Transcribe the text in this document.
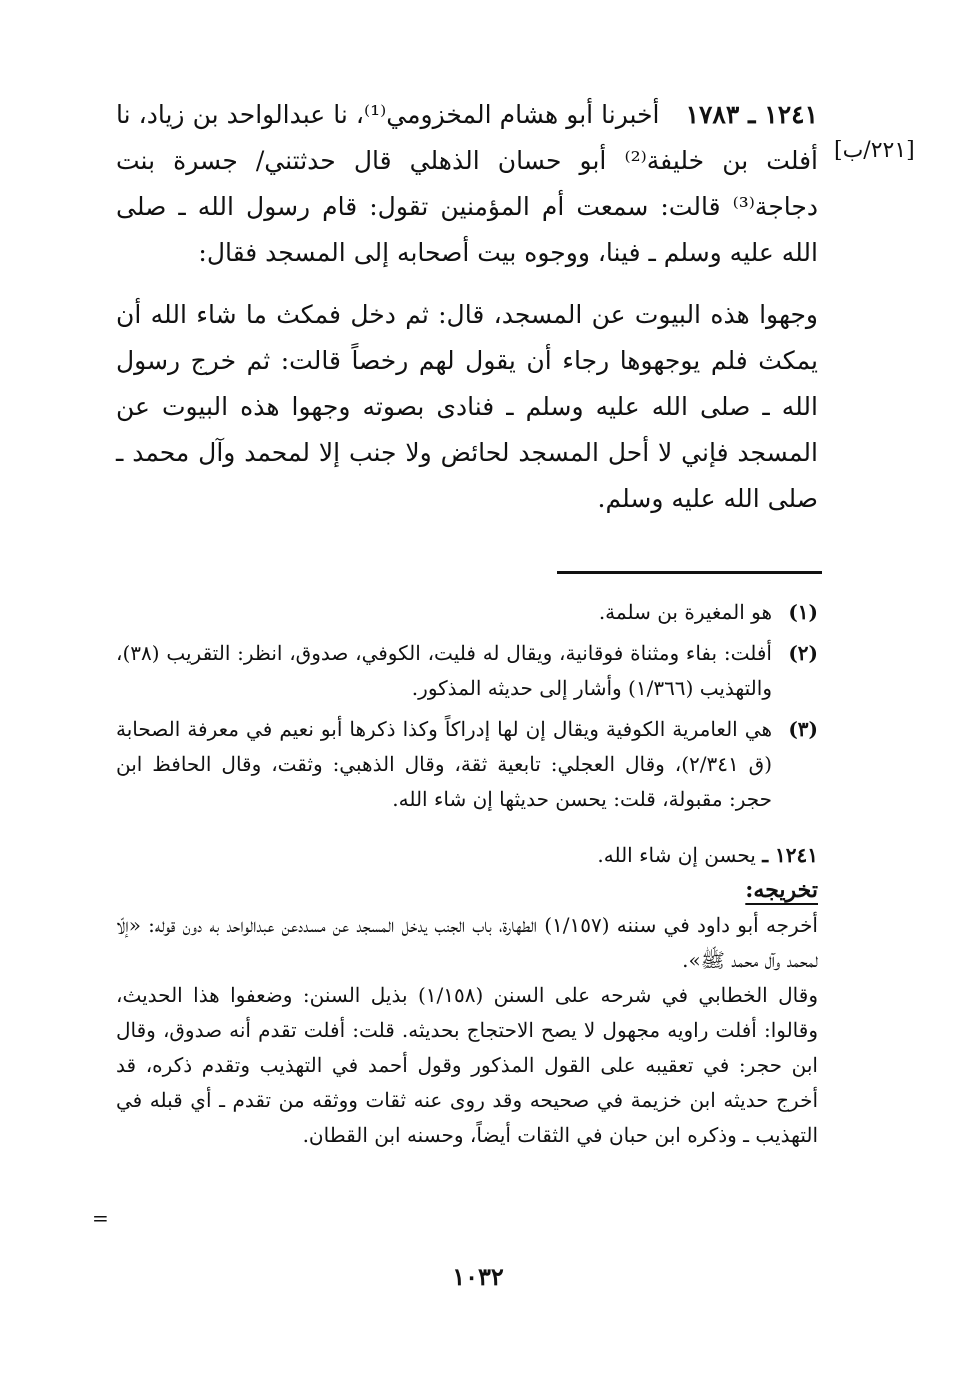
[٢٢١/ب]

١٢٤١ ـ ١٧٨٣ أخبرنا أبو هشام المخزومي⁽¹⁾، نا عبدالواحد بن زياد، نا أفلت بن خليفة⁽²⁾ أبو حسان الذهلي قال حدثتني/ جسرة بنت دجاجة⁽³⁾ قالت: سمعت أم المؤمنين تقول: قام رسول الله ـ صلى الله عليه وسلم ـ فينا، ووجوه بيت أصحابه إلى المسجد فقال:

وجهوا هذه البيوت عن المسجد، قال: ثم دخل فمكث ما شاء الله أن يمكث فلم يوجهوها رجاء أن يقول لهم رخصاً قالت: ثم خرج رسول الله ـ صلى الله عليه وسلم ـ فنادى بصوته وجهوا هذه البيوت عن المسجد فإني لا أحل المسجد لحائض ولا جنب إلا لمحمد وآل محمد ـ صلى الله عليه وسلم.

(١)
هو المغيرة بن سلمة.
(٢)
أفلت: بفاء ومثناة فوقانية، ويقال له فليت، الكوفي، صدوق، انظر: التقريب (٣٨)، والتهذيب (١/٣٦٦) وأشار إلى حديثه المذكور.
(٣)
هي العامرية الكوفية ويقال إن لها إدراكاً وكذا ذكرها أبو نعيم في معرفة الصحابة (ق ٢/٣٤١)، وقال العجلي: تابعية ثقة، وقال الذهبي: وثقت، وقال الحافظ ابن حجر: مقبولة، قلت: يحسن حديثها إن شاء الله.

١٢٤١ ـ يحسن إن شاء الله.

تخريجه:

أخرجه أبو داود في سننه (١/١٥٧) الطهارة، باب الجنب يدخل المسجد عن مسددعن عبدالواحد به دون قوله: «إلّا لمحمد وآل محمد ﷺ».

وقال الخطابي في شرحه على السنن (١/١٥٨) بذيل السنن: وضعفوا هذا الحديث، وقالوا: أفلت راويه مجهول لا يصح الاحتجاج بحديثه. قلت: أفلت تقدم أنه صدوق، وقال ابن حجر: في تعقيبه على القول المذكور وقول أحمد في التهذيب وتقدم ذكره، قد أخرج حديثه ابن خزيمة في صحيحه وقد روى عنه ثقات ووثقه من تقدم ـ أي قبله في التهذيب ـ وذكره ابن حبان في الثقات أيضاً، وحسنه ابن القطان.

=
١٠٣٢
